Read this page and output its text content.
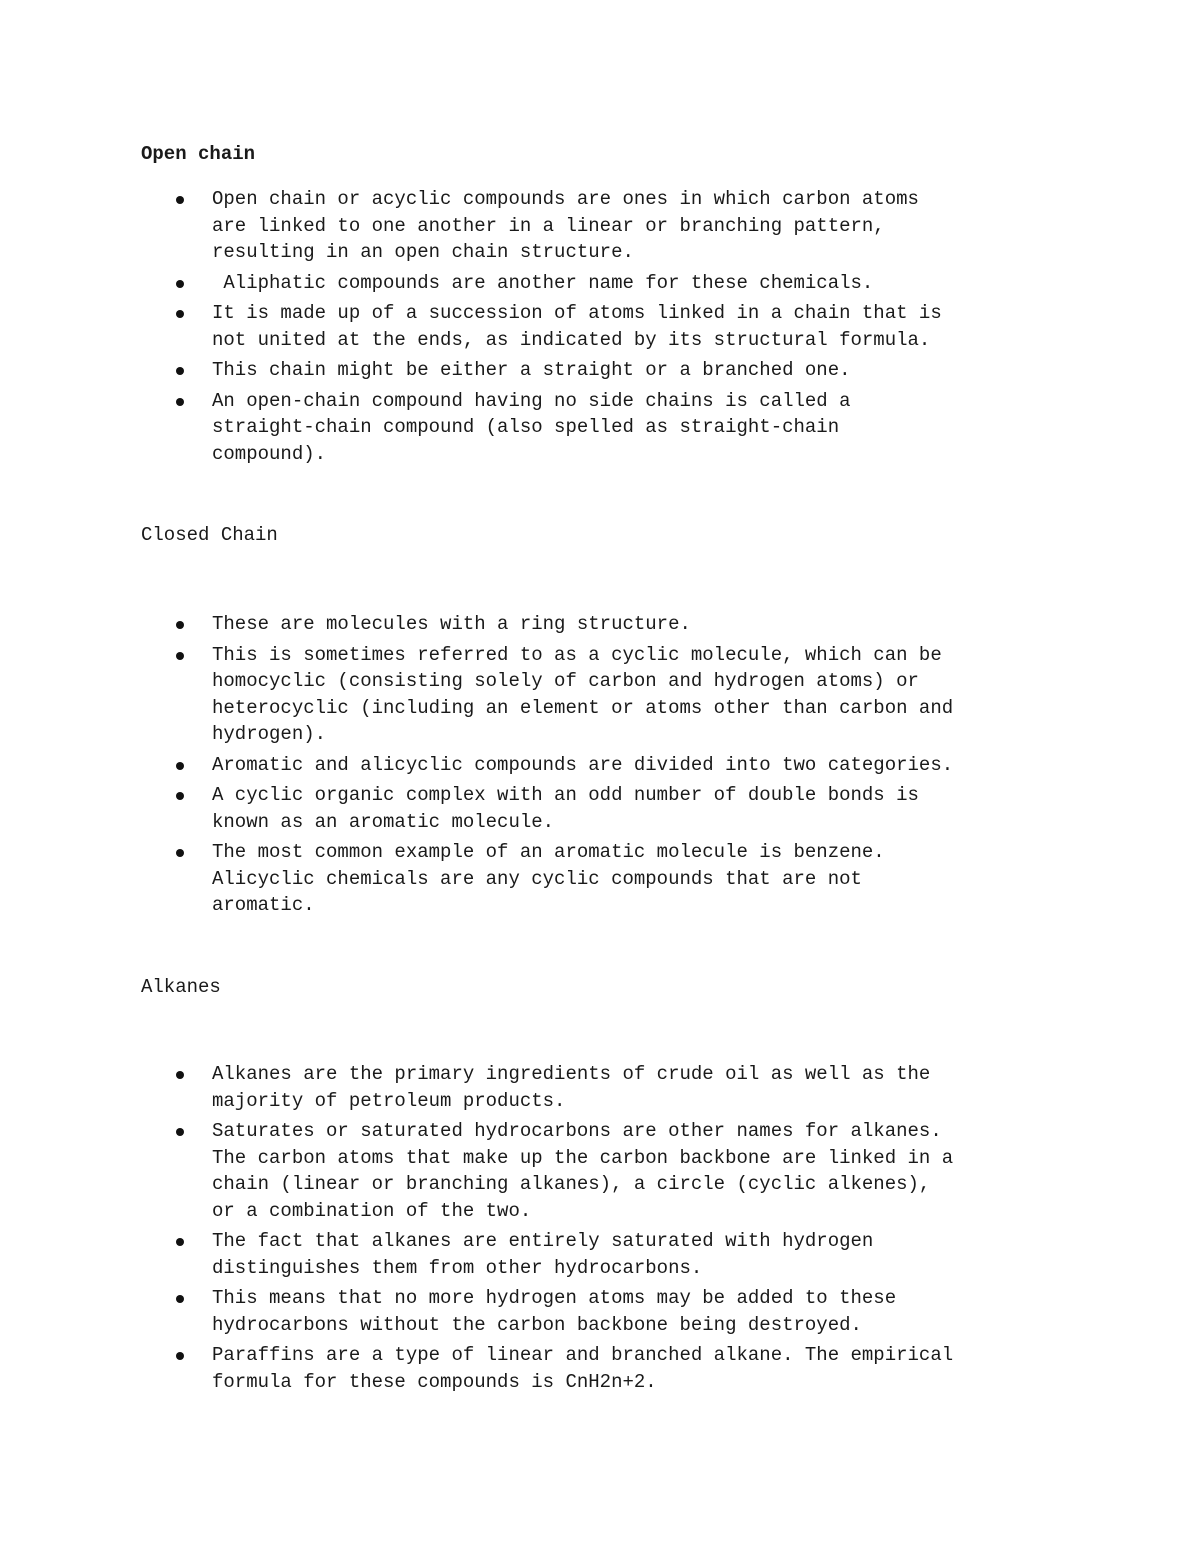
Open chain
Open chain or acyclic compounds are ones in which carbon atoms
are linked to one another in a linear or branching pattern,
resulting in an open chain structure.
Aliphatic compounds are another name for these chemicals.
It is made up of a succession of atoms linked in a chain that is
not united at the ends, as indicated by its structural formula.
This chain might be either a straight or a branched one.
An open-chain compound having no side chains is called a
straight-chain compound (also spelled as straight-chain
compound).
Closed Chain
These are molecules with a ring structure.
This is sometimes referred to as a cyclic molecule, which can be
homocyclic (consisting solely of carbon and hydrogen atoms) or
heterocyclic (including an element or atoms other than carbon and
hydrogen).
Aromatic and alicyclic compounds are divided into two categories.
A cyclic organic complex with an odd number of double bonds is
known as an aromatic molecule.
The most common example of an aromatic molecule is benzene.
Alicyclic chemicals are any cyclic compounds that are not
aromatic.
Alkanes
Alkanes are the primary ingredients of crude oil as well as the
majority of petroleum products.
Saturates or saturated hydrocarbons are other names for alkanes.
The carbon atoms that make up the carbon backbone are linked in a
chain (linear or branching alkanes), a circle (cyclic alkenes),
or a combination of the two.
The fact that alkanes are entirely saturated with hydrogen
distinguishes them from other hydrocarbons.
This means that no more hydrogen atoms may be added to these
hydrocarbons without the carbon backbone being destroyed.
Paraffins are a type of linear and branched alkane. The empirical
formula for these compounds is CnH2n+2.
